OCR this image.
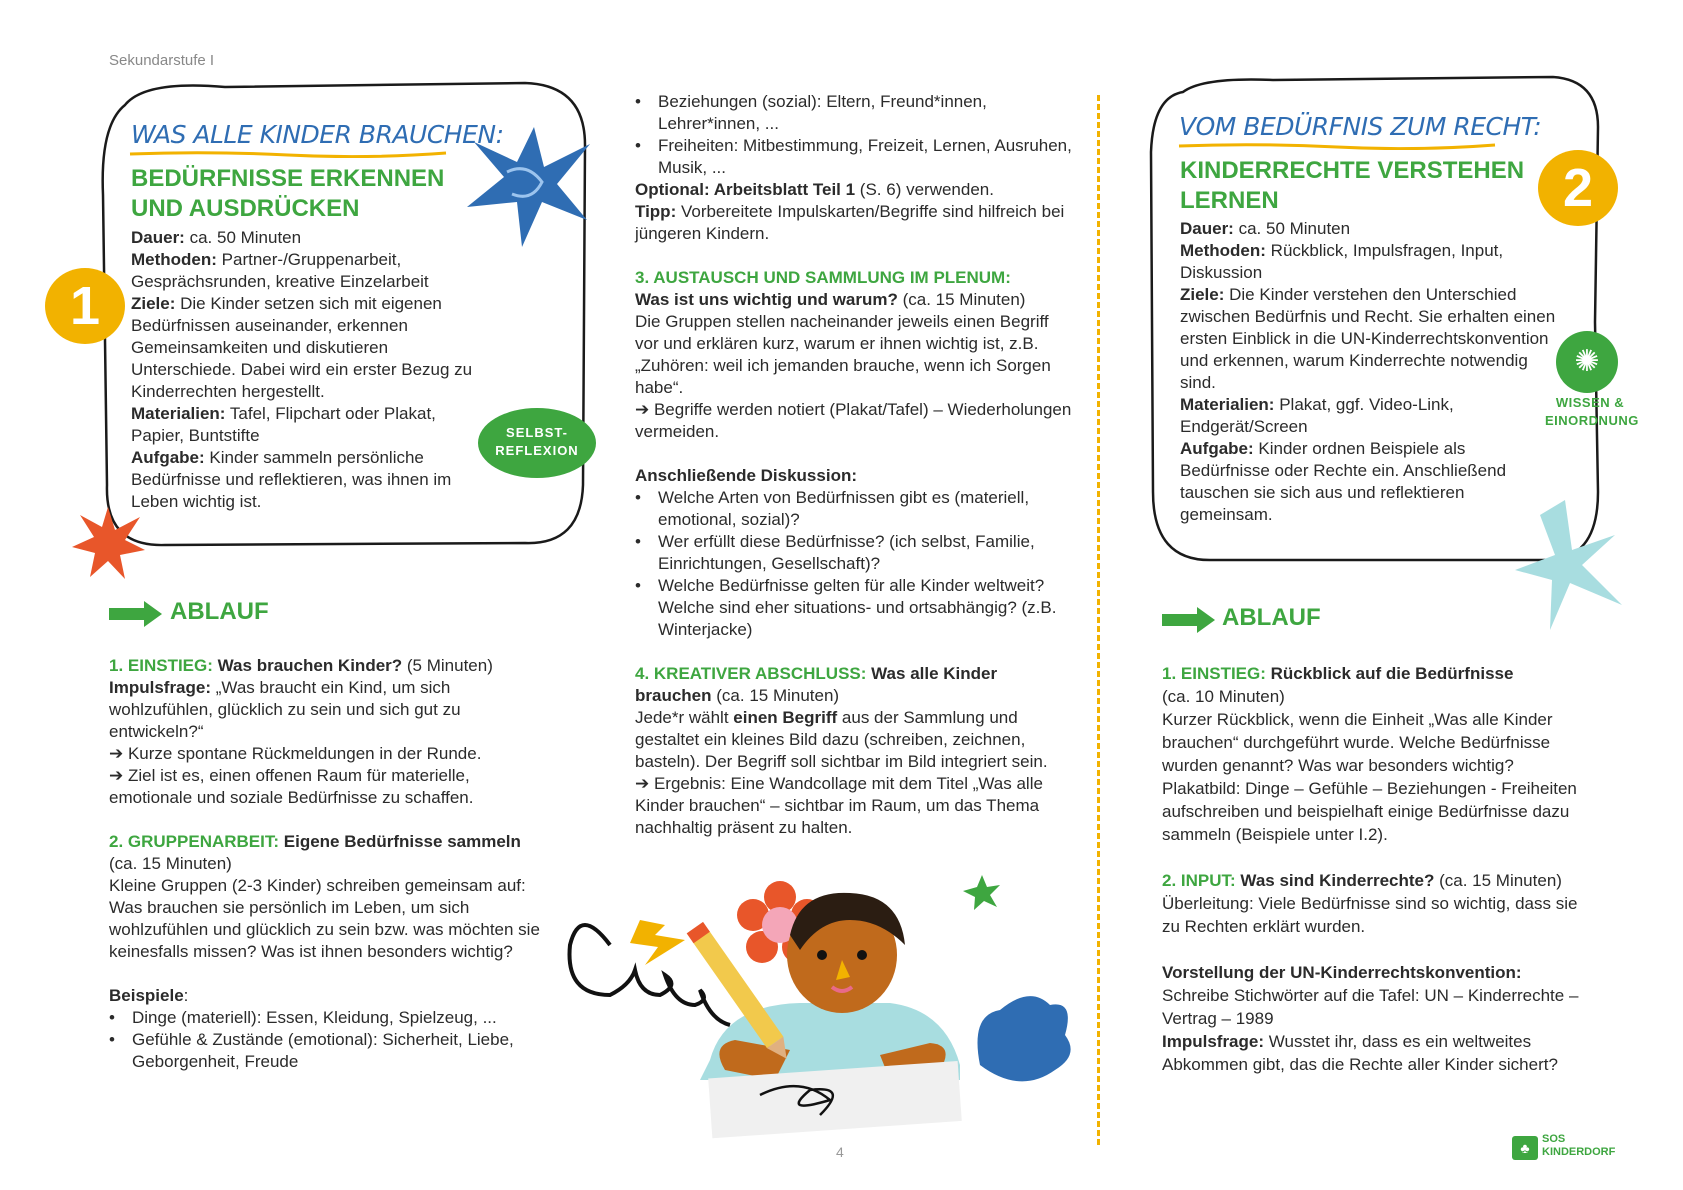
Sekundarstufe I
1
WAS ALLE KINDER BRAUCHEN:
BEDÜRFNISSE ERKENNEN
UND AUSDRÜCKEN

Dauer: ca. 50 Minuten

Methoden: Partner-/Gruppenarbeit, Gesprächsrunden, kreative Einzelarbeit

Ziele: Die Kinder setzen sich mit eigenen Bedürfnissen auseinander, erkennen Gemeinsamkeiten und diskutieren Unterschiede. Dabei wird ein erster Bezug zu Kinderrechten hergestellt.

Materialien: Tafel, Flipchart oder Plakat, Papier, Buntstifte

Aufgabe: Kinder sammeln persönliche Bedürfnisse und reflektieren, was ihnen im Leben wichtig ist.

SELBST-
REFLEXION
ABLAUF

1. EINSTIEG: Was brauchen Kinder? (5 Minuten)

Impulsfrage: „Was braucht ein Kind, um sich wohlzufühlen, glücklich zu sein und sich gut zu entwickeln?“

➔ Kurze spontane Rückmeldungen in der Runde.

➔ Ziel ist es, einen offenen Raum für materielle, emotionale und soziale Bedürfnisse zu schaffen.

2. GRUPPENARBEIT: Eigene Bedürfnisse sammeln

(ca. 15 Minuten)

Kleine Gruppen (2-3 Kinder) schreiben gemeinsam auf: Was brauchen sie persönlich im Leben, um sich wohlzufühlen und glücklich zu sein bzw. was möchten sie keinesfalls missen? Was ist ihnen besonders wichtig?

Beispiele:

• Dinge (materiell): Essen, Kleidung, Spielzeug, ...
• Gefühle & Zustände (emotional): Sicherheit, Liebe, Geborgenheit, Freude
• Beziehungen (sozial): Eltern, Freund*innen, Lehrer*innen, ...
• Freiheiten: Mitbestimmung, Freizeit, Lernen, Ausruhen, Musik, ...

Optional: Arbeitsblatt Teil 1 (S. 6) verwenden.

Tipp: Vorbereitete Impulskarten/Begriffe sind hilfreich bei jüngeren Kindern.

3. AUSTAUSCH UND SAMMLUNG IM PLENUM:

Was ist uns wichtig und warum? (ca. 15 Minuten)

Die Gruppen stellen nacheinander jeweils einen Begriff vor und erklären kurz, warum er ihnen wichtig ist, z.B. „Zuhören: weil ich jemanden brauche, wenn ich Sorgen habe“.

➔ Begriffe werden notiert (Plakat/Tafel) – Wiederholungen vermeiden.

Anschließende Diskussion:

• Welche Arten von Bedürfnissen gibt es (materiell, emotional, sozial)?
• Wer erfüllt diese Bedürfnisse? (ich selbst, Familie, Einrichtungen, Gesellschaft)?
• Welche Bedürfnisse gelten für alle Kinder weltweit? Welche sind eher situations- und ortsabhängig? (z.B. Winterjacke)

4. KREATIVER ABSCHLUSS: Was alle Kinder brauchen (ca. 15 Minuten)

Jede*r wählt einen Begriff aus der Sammlung und gestaltet ein kleines Bild dazu (schreiben, zeichnen, basteln). Der Begriff soll sichtbar im Bild integriert sein.

➔ Ergebnis: Eine Wandcollage mit dem Titel „Was alle Kinder brauchen“ – sichtbar im Raum, um das Thema nachhaltig präsent zu halten.

4
2
VOM BEDÜRFNIS ZUM RECHT:
KINDERRECHTE VERSTEHEN
LERNEN

Dauer: ca. 50 Minuten

Methoden: Rückblick, Impulsfragen, Input, Diskussion

Ziele: Die Kinder verstehen den Unterschied zwischen Bedürfnis und Recht. Sie erhalten einen ersten Einblick in die UN-Kinderrechtskonvention und erkennen, warum Kinderrechte notwendig sind.

Materialien: Plakat, ggf. Video-Link, Endgerät/Screen

Aufgabe: Kinder ordnen Beispiele als Bedürfnisse oder Rechte ein. Anschließend tauschen sie sich aus und reflektieren gemeinsam.

✺
WISSEN &
EINORDNUNG
ABLAUF

1. EINSTIEG: Rückblick auf die Bedürfnisse

(ca. 10 Minuten)

Kurzer Rückblick, wenn die Einheit „Was alle Kinder brauchen“ durchgeführt wurde. Welche Bedürfnisse wurden genannt? Was war besonders wichtig?

Plakatbild: Dinge – Gefühle – Beziehungen - Freiheiten aufschreiben und beispielhaft einige Bedürfnisse dazu sammeln (Beispiele unter I.2).

2. INPUT: Was sind Kinderrechte? (ca. 15 Minuten)

Überleitung: Viele Bedürfnisse sind so wichtig, dass sie zu Rechten erklärt wurden.

Vorstellung der UN-Kinderrechtskonvention:

Schreibe Stichwörter auf die Tafel: UN – Kinderrechte – Vertrag – 1989

Impulsfrage: Wusstet ihr, dass es ein weltweites Abkommen gibt, das die Rechte aller Kinder sichert?

♣
SOS
KINDERDORF
